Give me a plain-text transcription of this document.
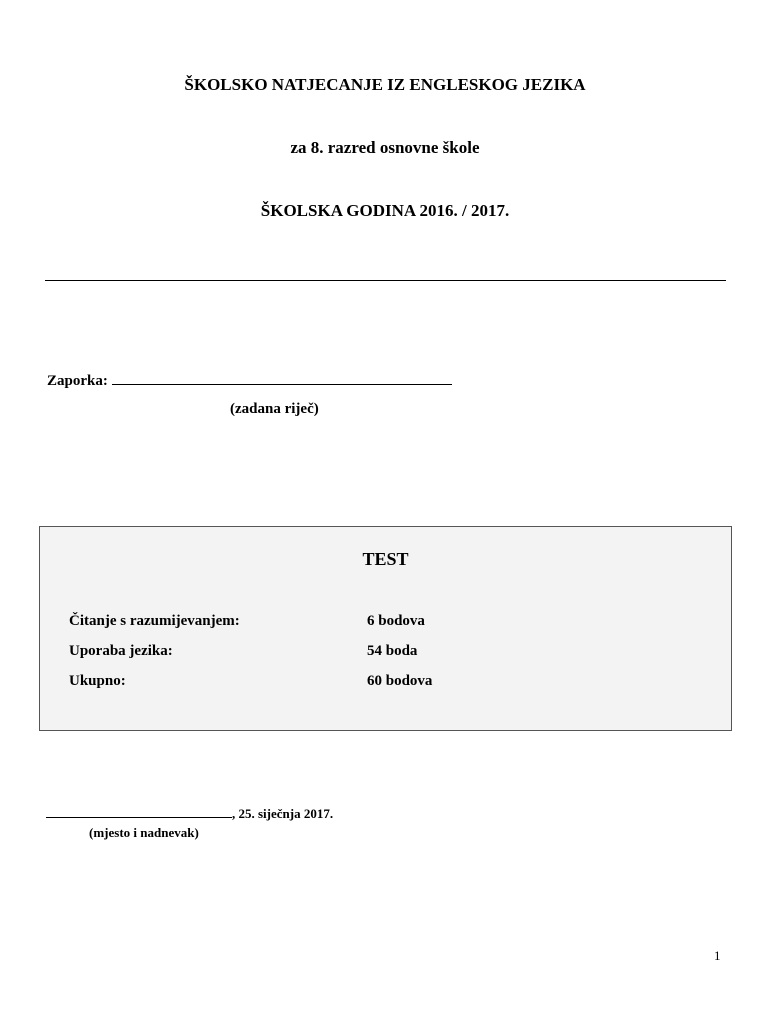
ŠKOLSKO NATJECANJE IZ ENGLESKOG JEZIKA
za 8. razred osnovne škole
ŠKOLSKA GODINA 2016. / 2017.
Zaporka:
(zadana riječ)
TEST
Čitanje s razumijevanjem:	6 bodova
Uporaba jezika:	54 boda
Ukupno:	60 bodova
, 25. siječnja 2017.
(mjesto i nadnevak)
1
